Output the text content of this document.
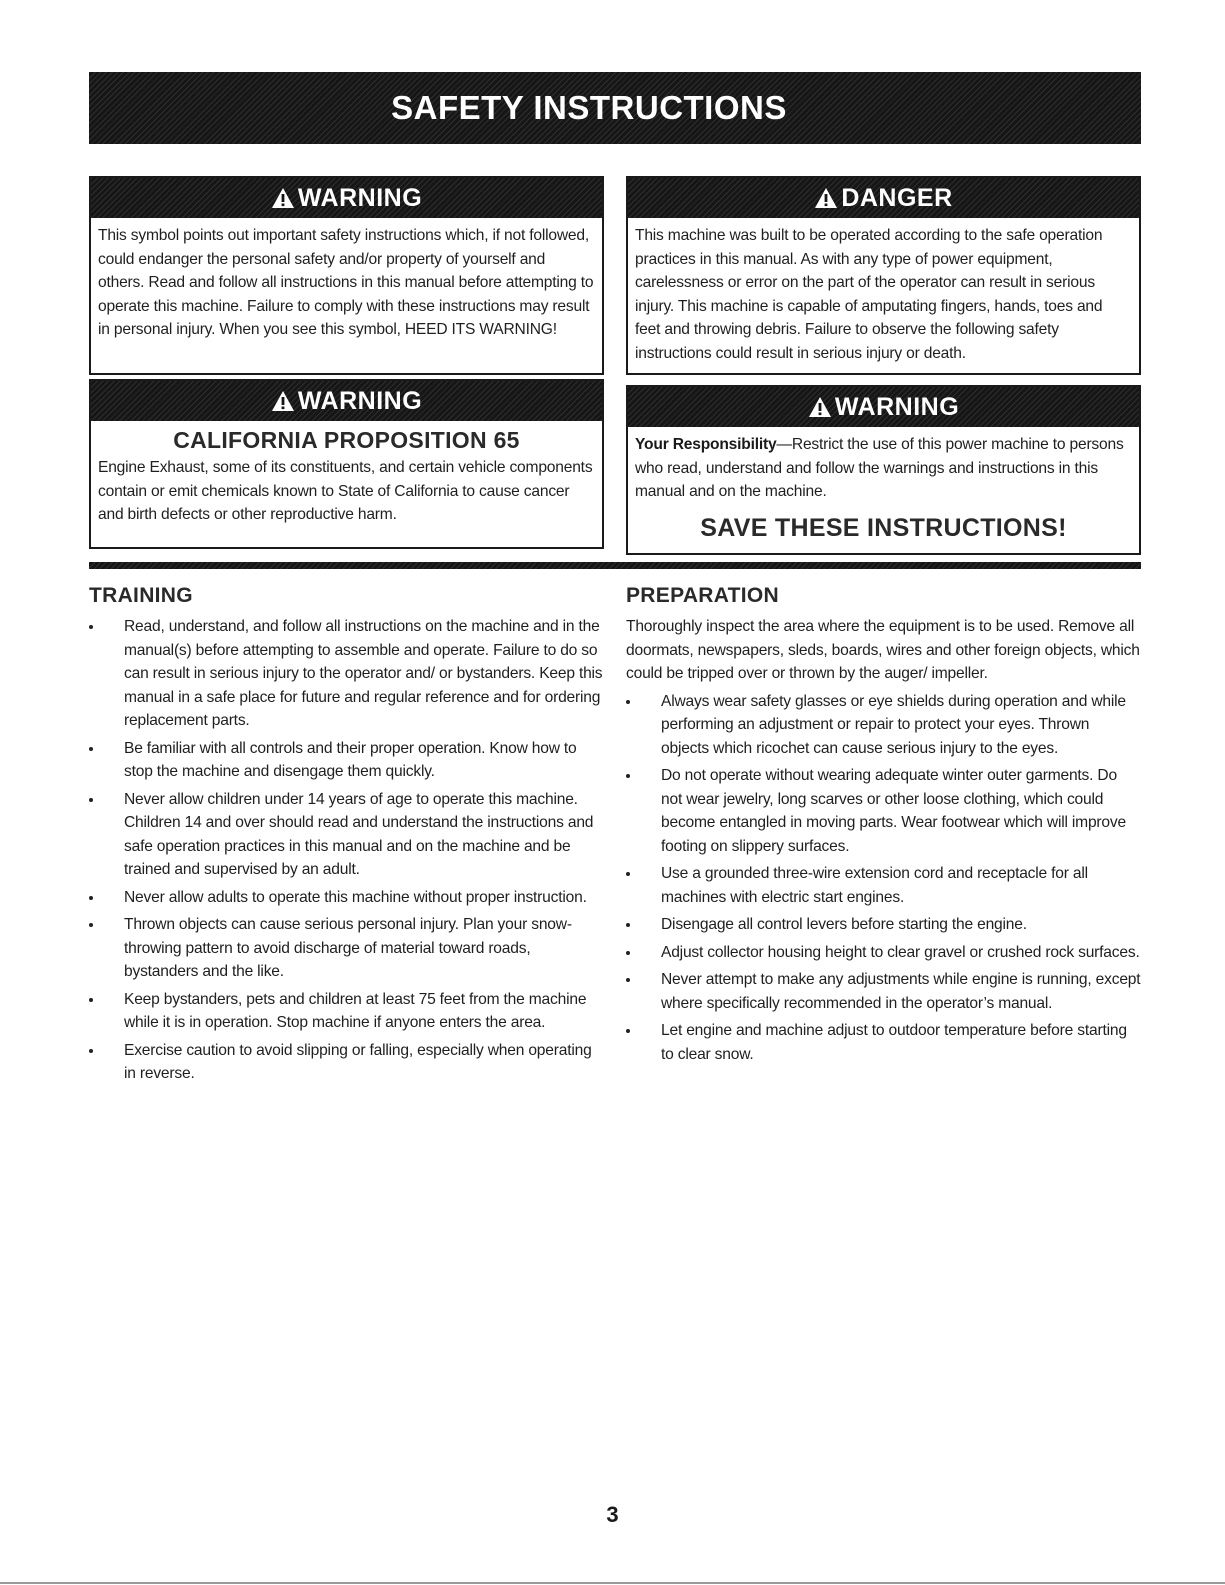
SAFETY INSTRUCTIONS
WARNING
This symbol points out important safety instructions which, if not followed, could endanger the personal safety and/or property of yourself and others. Read and follow all instructions in this manual before attempting to operate this machine. Failure to comply with these instructions may result in personal injury. When you see this symbol, HEED ITS WARNING!
DANGER
This machine was built to be operated according to the safe operation practices in this manual. As with any type of power equipment, carelessness or error on the part of the operator can result in serious injury. This machine is capable of amputating fingers, hands, toes and feet and throwing debris. Failure to observe the following safety instructions could result in serious injury or death.
WARNING
CALIFORNIA PROPOSITION 65
Engine Exhaust, some of its constituents, and certain vehicle components contain or emit chemicals known to State of California to cause cancer and birth defects or other reproductive harm.
WARNING
Your Responsibility—Restrict the use of this power machine to persons who read, understand and follow the warnings and instructions in this manual and on the machine.
SAVE THESE INSTRUCTIONS!
TRAINING
Read, understand, and follow all instructions on the machine and in the manual(s) before attempting to assemble and operate. Failure to do so can result in serious injury to the operator and/ or bystanders. Keep this manual in a safe place for future and regular reference and for ordering replacement parts.
Be familiar with all controls and their proper operation. Know how to stop the machine and disengage them quickly.
Never allow children under 14 years of age to operate this machine. Children 14 and over should read and understand the instructions and safe operation practices in this manual and on the machine and be trained and supervised by an adult.
Never allow adults to operate this machine without proper instruction.
Thrown objects can cause serious personal injury. Plan your snow-throwing pattern to avoid discharge of material toward roads, bystanders and the like.
Keep bystanders, pets and children at least 75 feet from the machine while it is in operation. Stop machine if anyone enters the area.
Exercise caution to avoid slipping or falling, especially when operating in reverse.
PREPARATION

Thoroughly inspect the area where the equipment is to be used. Remove all doormats, newspapers, sleds, boards, wires and other foreign objects, which could be tripped over or thrown by the auger/ impeller.

Always wear safety glasses or eye shields during operation and while performing an adjustment or repair to protect your eyes. Thrown objects which ricochet can cause serious injury to the eyes.
Do not operate without wearing adequate winter outer garments. Do not wear jewelry, long scarves or other loose clothing, which could become entangled in moving parts. Wear footwear which will improve footing on slippery surfaces.
Use a grounded three-wire extension cord and receptacle for all machines with electric start engines.
Disengage all control levers before starting the engine.
Adjust collector housing height to clear gravel or crushed rock surfaces.
Never attempt to make any adjustments while engine is running, except where specifically recommended in the operator’s manual.
Let engine and machine adjust to outdoor temperature before starting to clear snow.
3
